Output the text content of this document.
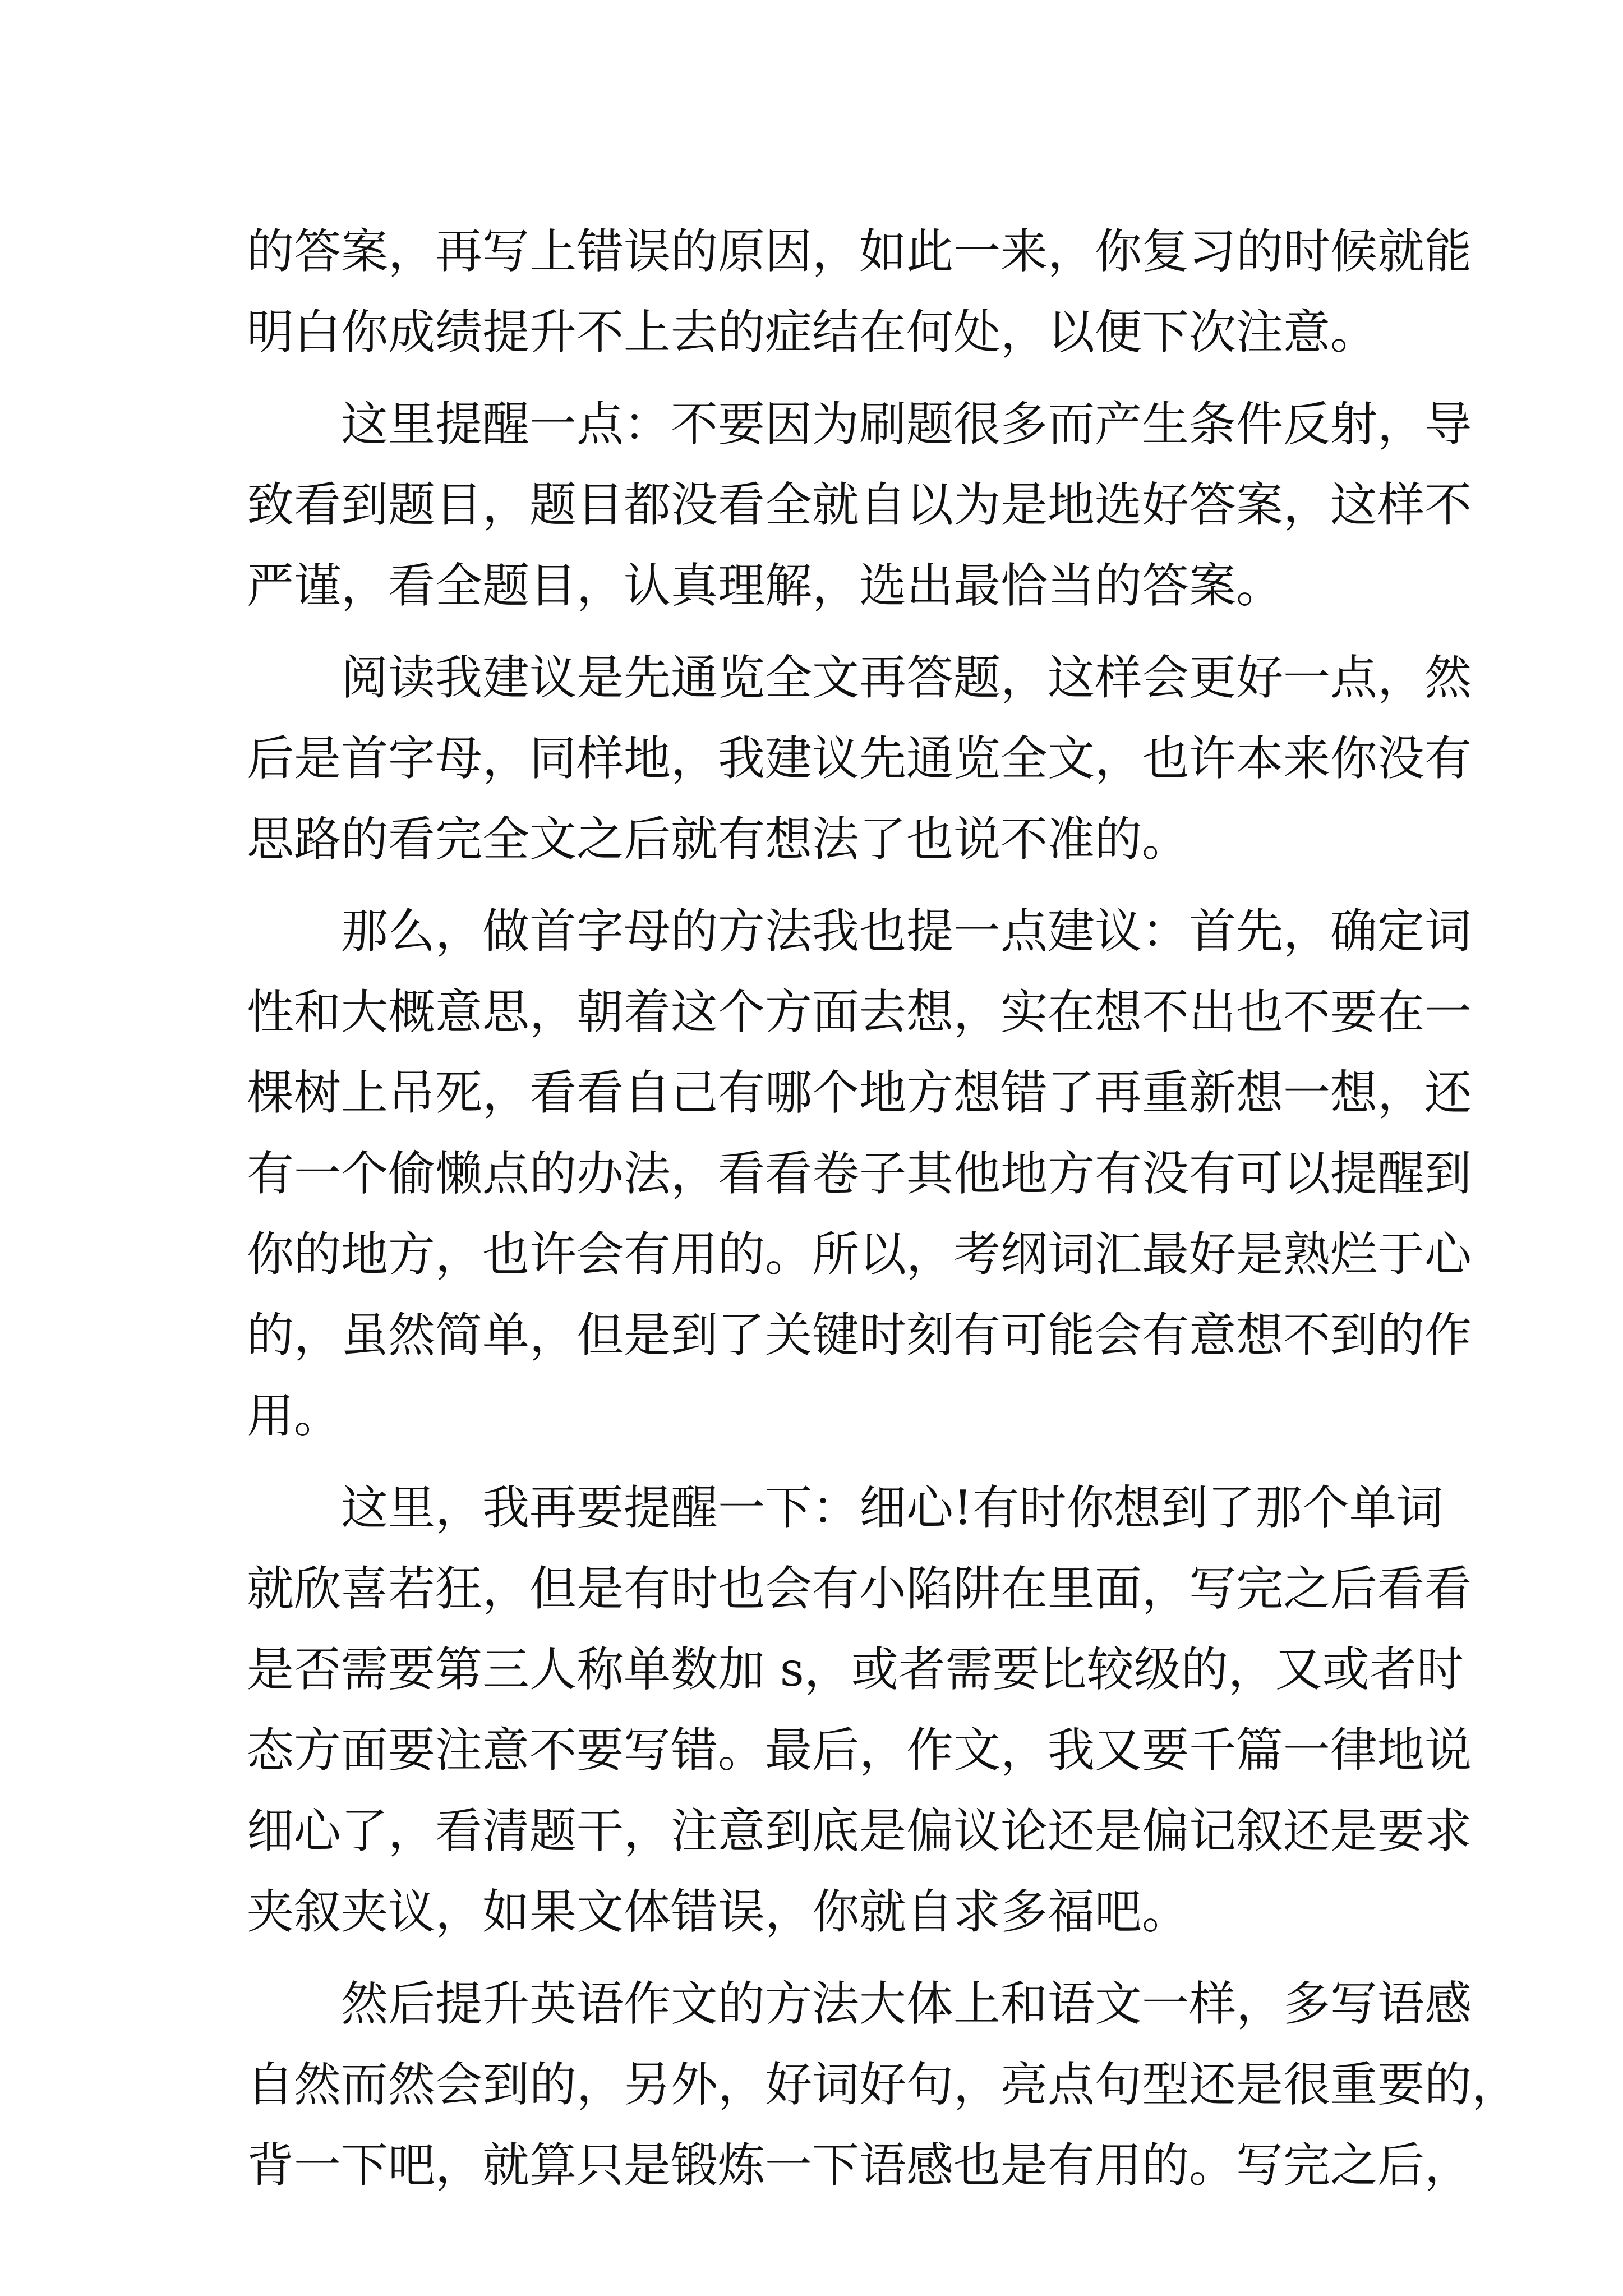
的答案，再写上错误的原因，如此一来，你复习的时候就能
明白你成绩提升不上去的症结在何处，以便下次注意。
这里提醒一点：不要因为刷题很多而产生条件反射，导
致看到题目，题目都没看全就自以为是地选好答案，这样不
严谨，看全题目，认真理解，选出最恰当的答案。
阅读我建议是先通览全文再答题，这样会更好一点，然
后是首字母，同样地，我建议先通览全文，也许本来你没有
思路的看完全文之后就有想法了也说不准的。
那么，做首字母的方法我也提一点建议：首先，确定词
性和大概意思，朝着这个方面去想，实在想不出也不要在一
棵树上吊死，看看自己有哪个地方想错了再重新想一想，还
有一个偷懒点的办法，看看卷子其他地方有没有可以提醒到
你的地方，也许会有用的。所以，考纲词汇最好是熟烂于心
的，虽然简单，但是到了关键时刻有可能会有意想不到的作
用。
这里，我再要提醒一下：细心!有时你想到了那个单词
就欣喜若狂，但是有时也会有小陷阱在里面，写完之后看看
是否需要第三人称单数加 s，或者需要比较级的，又或者时
态方面要注意不要写错。最后，作文，我又要千篇一律地说
细心了，看清题干，注意到底是偏议论还是偏记叙还是要求
夹叙夹议，如果文体错误，你就自求多福吧。
然后提升英语作文的方法大体上和语文一样，多写语感
自然而然会到的，另外，好词好句，亮点句型还是很重要的，
背一下吧，就算只是锻炼一下语感也是有用的。写完之后，
